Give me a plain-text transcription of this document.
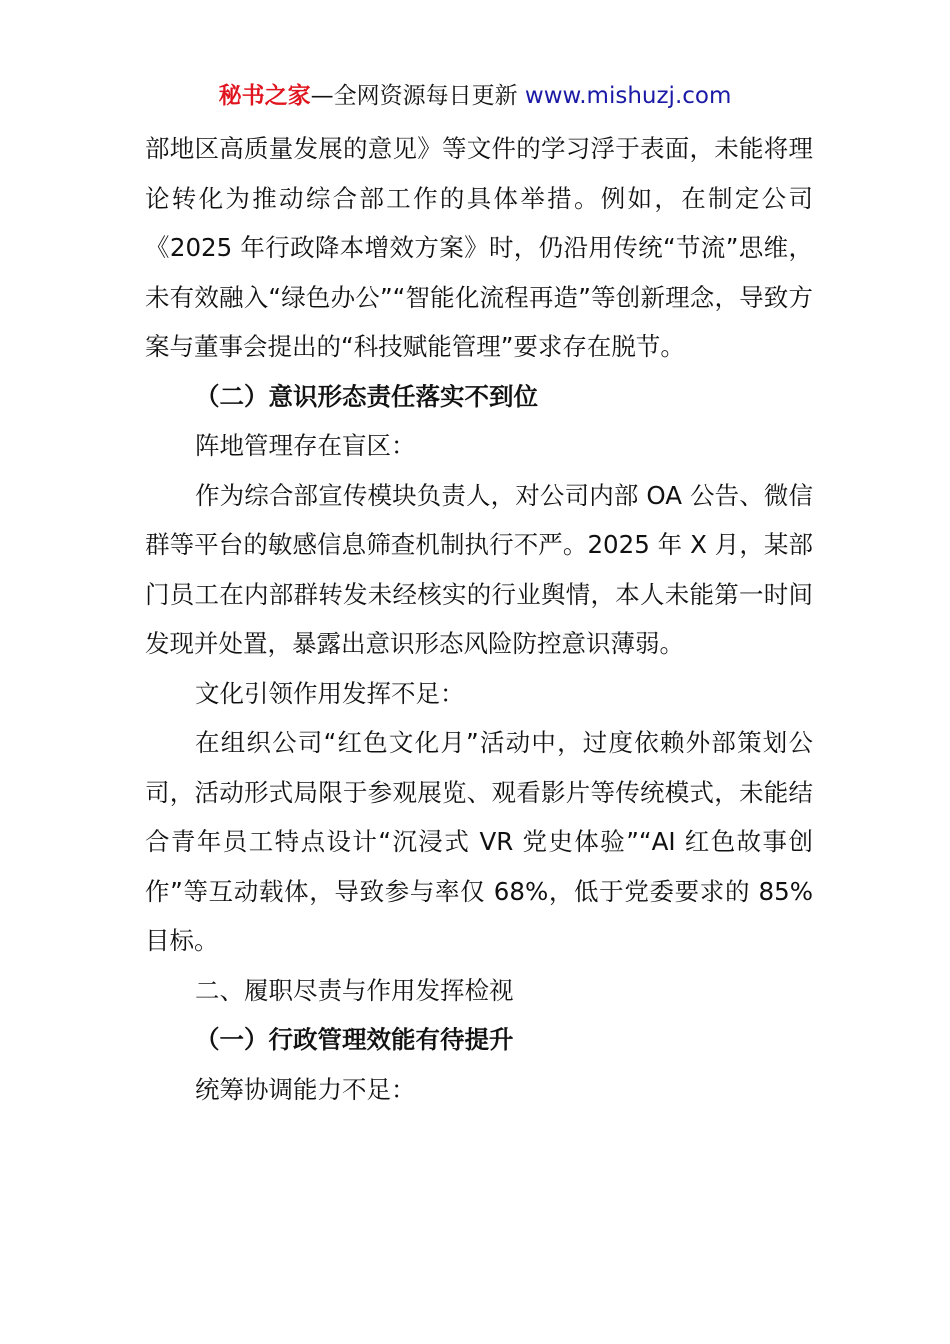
秘书之家—全网资源每日更新 www.mishuzj.com

部地区高质量发展的意见》等文件的学习浮于表面，未能将理论转化为推动综合部工作的具体举措。例如，在制定公司《2025 年行政降本增效方案》时，仍沿用传统“节流”思维，未有效融入“绿色办公”“智能化流程再造”等创新理念，导致方案与董事会提出的“科技赋能管理”要求存在脱节。

（二）意识形态责任落实不到位

阵地管理存在盲区：

作为综合部宣传模块负责人，对公司内部 OA 公告、微信群等平台的敏感信息筛查机制执行不严。2025 年 X 月，某部门员工在内部群转发未经核实的行业舆情，本人未能第一时间发现并处置，暴露出意识形态风险防控意识薄弱。

文化引领作用发挥不足：

在组织公司“红色文化月”活动中，过度依赖外部策划公司，活动形式局限于参观展览、观看影片等传统模式，未能结合青年员工特点设计“沉浸式 VR 党史体验”“AI 红色故事创作”等互动载体，导致参与率仅 68%，低于党委要求的 85%目标。

二、履职尽责与作用发挥检视

（一）行政管理效能有待提升

统筹协调能力不足：
